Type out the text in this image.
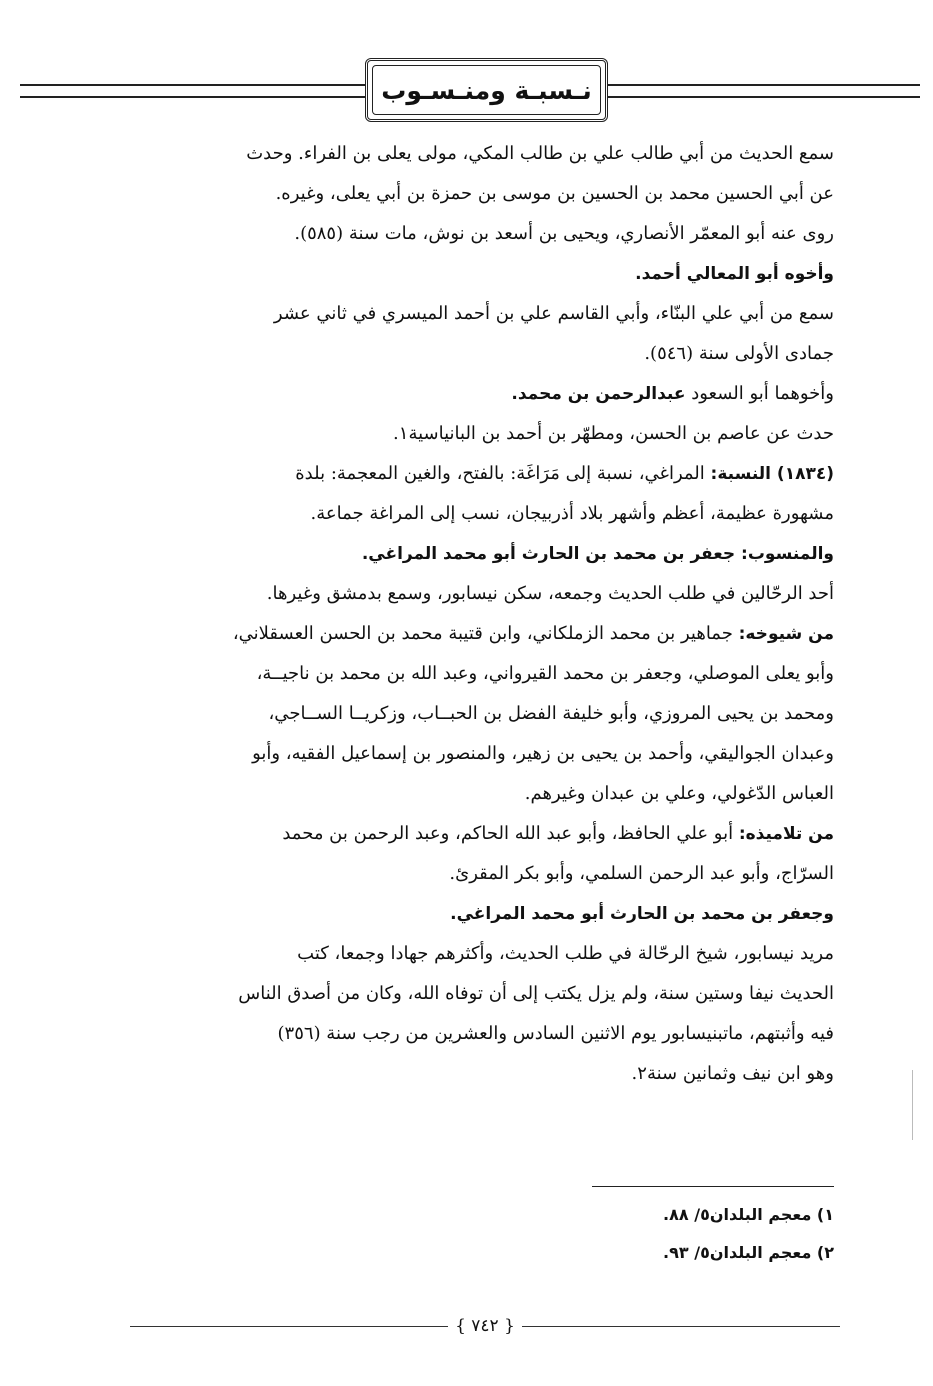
نـسبـة ومنـسـوب

سمع الحديث من أبي طالب علي بن طالب المكي، مولى يعلى بن الفراء. وحدث

عن أبي الحسين محمد بن الحسين بن موسى بن حمزة بن أبي يعلى، وغيره.

روى عنه أبو المعمّر الأنصاري، ويحيى بن أسعد بن نوش، مات سنة (٥٨٥).

وأخوه أبو المعالي أحمد.

سمع من أبي علي البنّاء، وأبي القاسم علي بن أحمد الميسري في ثاني عشر

جمادى الأولى سنة (٥٤٦).

وأخوهما أبو السعود عبدالرحمن بن محمد.

حدث عن عاصم بن الحسن، ومطهّر بن أحمد بن البانياسية١.

(١٨٣٤) النسبة: المراغي، نسبة إلى مَرَاغَة: بالفتح، والغين المعجمة: بلدة

مشهورة عظيمة، أعظم وأشهر بلاد أذربيجان، نسب إلى المراغة جماعة.

والمنسوب: جعفر بن محمد بن الحارث أبو محمد المراغي.

أحد الرحّالين في طلب الحديث وجمعه، سكن نيسابور، وسمع بدمشق وغيرها.

من شيوخه: جماهير بن محمد الزملكاني، وابن قتيبة محمد بن الحسن العسقلاني،

وأبو يعلى الموصلي، وجعفر بن محمد القيرواني، وعبد الله بن محمد بن ناجيــة،

ومحمد بن يحيى المروزي، وأبو خليفة الفضل بن الحبــاب، وزكريــا الســاجي،

وعبدان الجواليقي، وأحمد بن يحيى بن زهير، والمنصور بن إسماعيل الفقيه، وأبو

العباس الدّغولي، وعلي بن عبدان وغيرهم.

من تلاميذه: أبو علي الحافظ، وأبو عبد الله الحاكم، وعبد الرحمن بن محمد

السرّاج، وأبو عبد الرحمن السلمي، وأبو بكر المقرئ.

وجعفر بن محمد بن الحارث أبو محمد المراغي.

مريد نيسابور، شيخ الرحّالة في طلب الحديث، وأكثرهم جهادا وجمعا، كتب

الحديث نيفا وستين سنة، ولم يزل يكتب إلى أن توفاه الله، وكان من أصدق الناس

فيه وأثبتهم، ماتبنيسابور يوم الاثنين السادس والعشرين من رجب سنة (٣٥٦)

وهو ابن نيف وثمانين سنة٢.

١) معجم البلدان٥/ ٨٨.

٢) معجم البلدان٥/ ٩٣.

{ ٧٤٢ }
